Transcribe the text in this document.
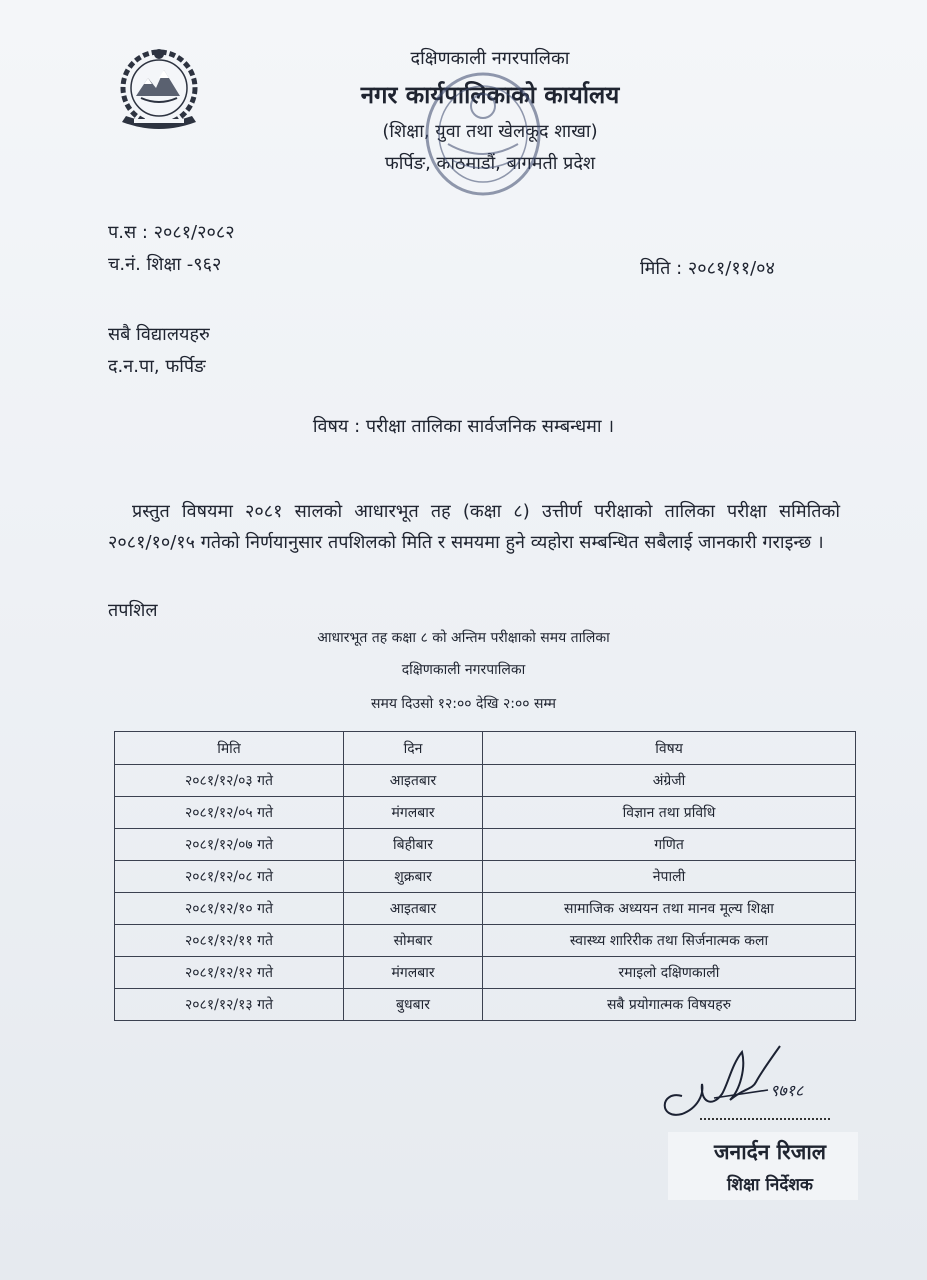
दक्षिणकाली नगरपालिका
नगर कार्यपालिकाको कार्यालय
(शिक्षा, युवा तथा खेलकूद शाखा)
फर्पिङ, काठमाडौं, बागमती प्रदेश
प.स : २०८१/२०८२
च.नं. शिक्षा -९६२	मिति : २०८१/११/०४
सबै विद्यालयहरु
द.न.पा, फर्पिङ
विषय : परीक्षा तालिका सार्वजनिक सम्बन्धमा ।
प्रस्तुत विषयमा २०८१ सालको आधारभूत तह (कक्षा ८) उत्तीर्ण परीक्षाको तालिका परीक्षा समितिको २०८१/१०/१५ गतेको निर्णयानुसार तपशिलको मिति र समयमा हुने व्यहोरा सम्बन्धित सबैलाई जानकारी गराइन्छ ।
तपशिल
आधारभूत तह कक्षा ८ को अन्तिम परीक्षाको समय तालिका
दक्षिणकाली नगरपालिका
समय दिउसो १२:०० देखि २:०० सम्म
मिति	दिन	विषय
२०८१/१२/०३ गते	आइतबार	अंग्रेजी
२०८१/१२/०५ गते	मंगलबार	विज्ञान तथा प्रविधि
२०८१/१२/०७ गते	बिहीबार	गणित
२०८१/१२/०८ गते	शुक्रबार	नेपाली
२०८१/१२/१० गते	आइतबार	सामाजिक अध्ययन तथा मानव मूल्य शिक्षा
२०८१/१२/११ गते	सोमबार	स्वास्थ्य शारिरीक तथा सिर्जनात्मक कला
२०८१/१२/१२ गते	मंगलबार	रमाइलो दक्षिणकाली
२०८१/१२/१३ गते	बुधबार	सबै प्रयोगात्मक विषयहरु
९७१८
जनार्दन रिजाल
शिक्षा निर्देशक
